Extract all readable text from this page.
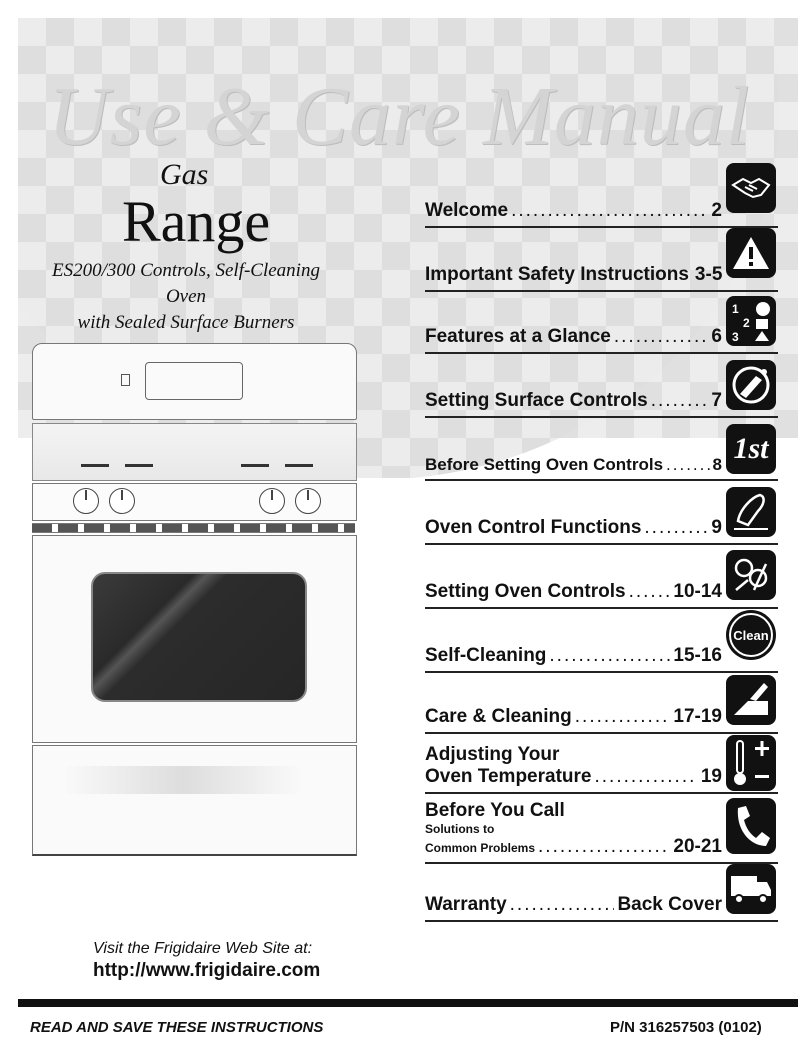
Use & Care Manual
Gas
Range
ES200/300 Controls, Self-Cleaning Oven
with Sealed Surface Burners
Welcome .....	2
Important Safety Instructions 3-5
Features at a Glance .....	6
1
2
3
Setting Surface Controls .....	7
Before Setting Oven Controls .....	8 1st
Oven Control Functions .....	9
Setting Oven Controls .....	10-14
Self-Cleaning .....	15-16
Clean
Care & Cleaning .....	17-19
Adjusting Your
Oven Temperature .....	19
Before You Call
Solutions to
Common Problems .....	20-21
Warranty .....	Back Cover
Visit the Frigidaire Web Site at:
http://www.frigidaire.com
READ AND SAVE THESE INSTRUCTIONS	P/N 316257503 (0102)
